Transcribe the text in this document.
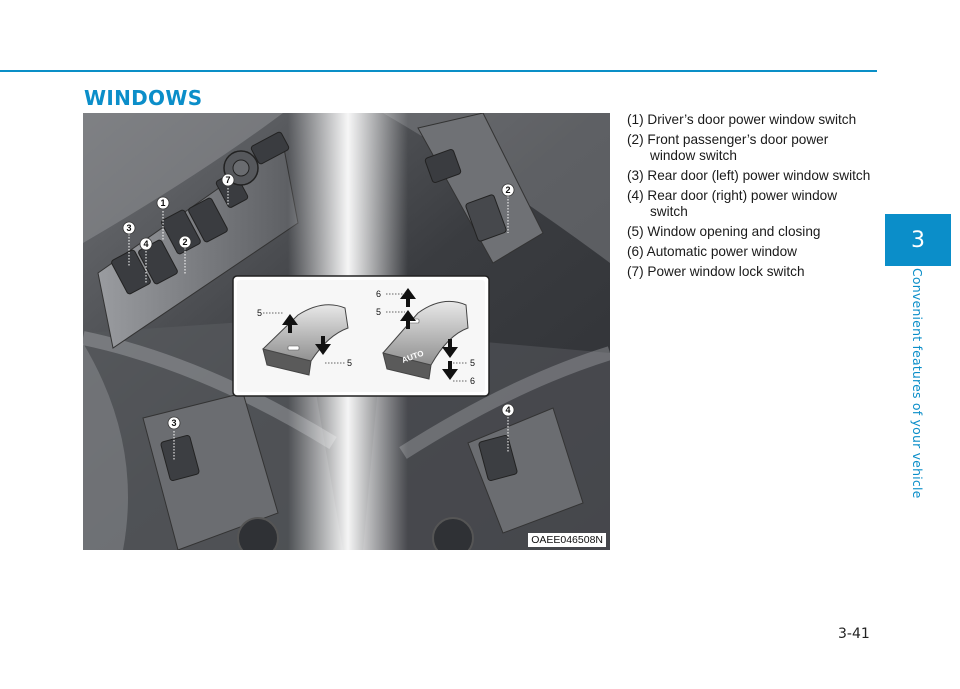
WINDOWS
3
Convenient features of your vehicle
AUTO
5
5
6
5
5
6
1
2
3
4
7
2
3
4
OAEE046508N
(1) Driver’s door power window switch
(2) Front passenger’s door power window switch
(3) Rear door (left) power window switch
(4) Rear door (right) power window switch
(5) Window opening and closing
(6) Automatic power window
(7) Power window lock switch
3-41
